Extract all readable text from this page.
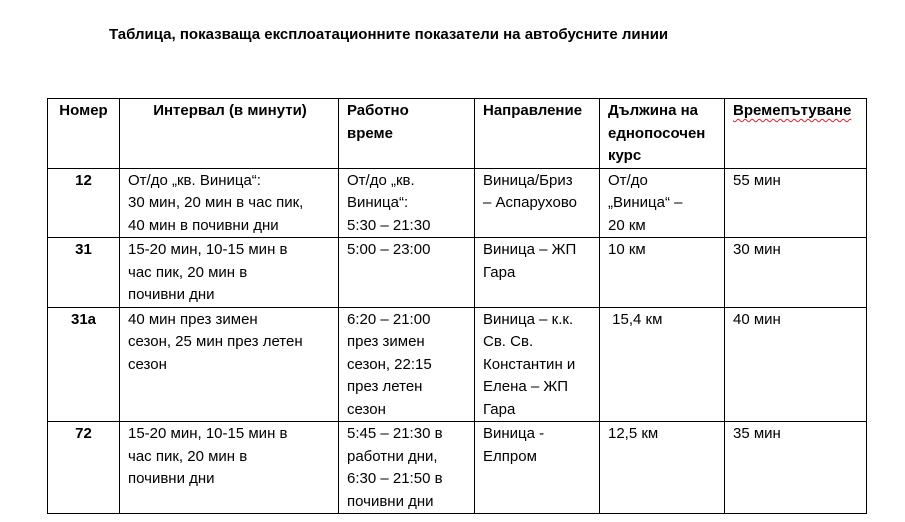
Таблица, показваща експлоатационните показатели на автобусните линии
Номер	Интервал (в минути)	Работно
време	Направление	Дължина на
еднопосочен
курс	Времепътуване

12	От/до „кв. Виница“:
30 мин, 20 мин в час пик,
40 мин в почивни дни	От/до „кв.
Виница“:
5:30 – 21:30	Виница/Бриз
– Аспарухово	От/до
„Виница“ –
20 км	55 мин

31	15-20 мин, 10-15 мин в
час пик, 20 мин в
почивни дни	5:00 – 23:00	Виница – ЖП
Гара	10 км	30 мин

31а	40 мин през зимен
сезон, 25 мин през летен
сезон	6:20 – 21:00
през зимен
сезон, 22:15
през летен
сезон	Виница – к.к.
Св. Св.
Константин и
Елена – ЖП
Гара	15,4 км	40 мин

72	15-20 мин, 10-15 мин в
час пик, 20 мин в
почивни дни	5:45 – 21:30 в
работни дни,
6:30 – 21:50 в
почивни дни	Виница -
Елпром	12,5 км	35 мин
